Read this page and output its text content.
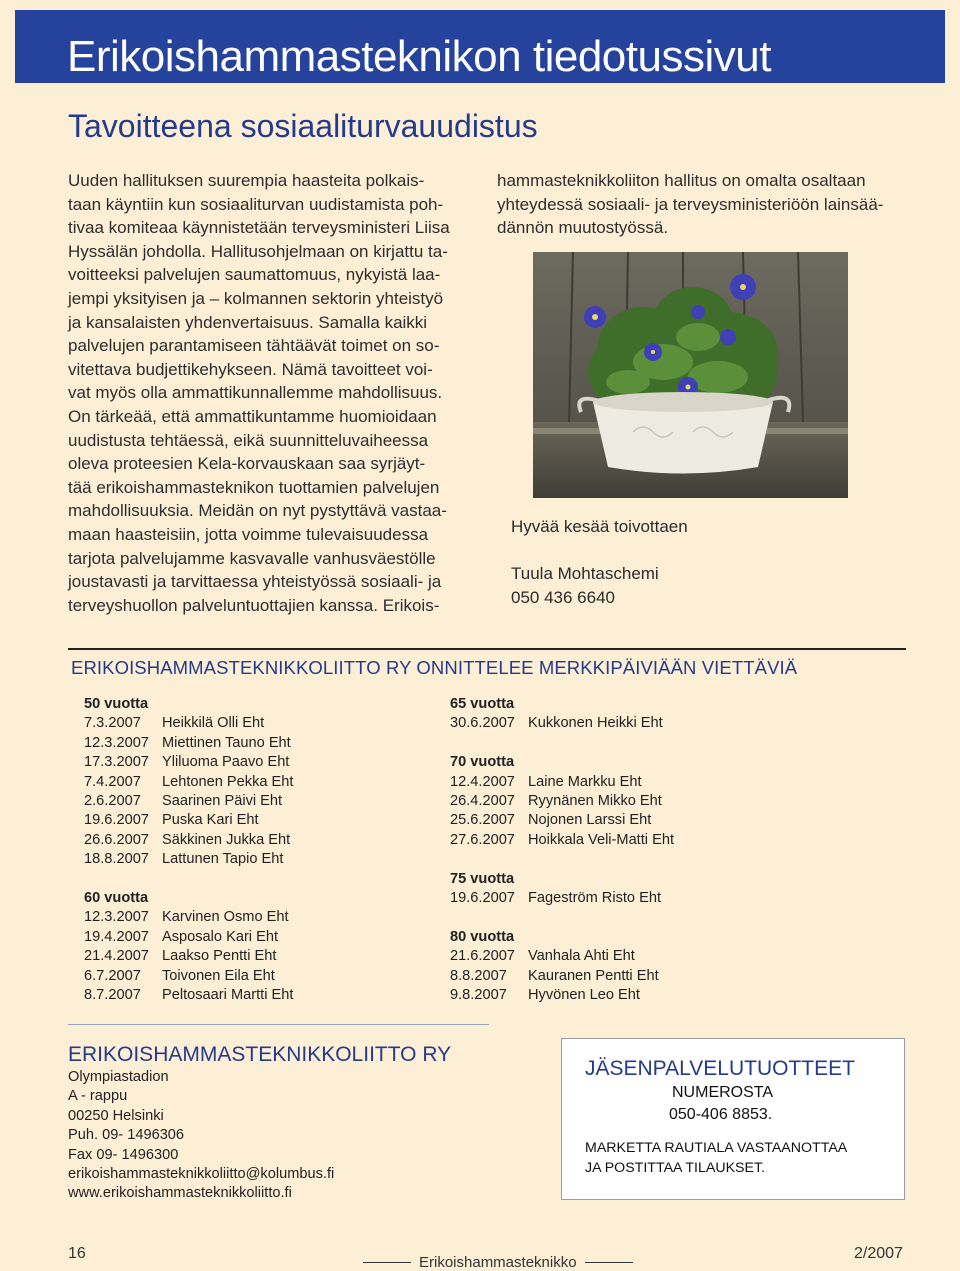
Erikoishammasteknikon tiedotussivut
Tavoitteena sosiaaliturvauudistus
Uuden hallituksen suurempia haasteita polkais-
taan käyntiin kun sosiaaliturvan uudistamista poh-
tivaa komiteaa käynnistetään terveysministeri Liisa
Hyssälän johdolla. Hallitusohjelmaan on kirjattu ta-
voitteeksi palvelujen saumattomuus, nykyistä laa-
jempi yksityisen ja – kolmannen sektorin yhteistyö
ja kansalaisten yhdenvertaisuus. Samalla kaikki
palvelujen parantamiseen tähtäävät toimet on so-
vitettava budjettikehykseen. Nämä tavoitteet voi-
vat myös olla ammattikunnallemme mahdollisuus.
On tärkeää, että ammattikuntamme huomioidaan
uudistusta tehtäessä, eikä suunnitteluvaiheessa
oleva proteesien Kela-korvauskaan saa syrjäyt-
tää erikoishammasteknikon tuottamien palvelujen
mahdollisuuksia. Meidän on nyt pystyttävä vastaa-
maan haasteisiin, jotta voimme tulevaisuudessa
tarjota palvelujamme kasvavalle vanhusväestölle
joustavasti ja tarvittaessa yhteistyössä sosiaali- ja
terveyshuollon palveluntuottajien kanssa. Erikois-
hammasteknikkoliiton hallitus on omalta osaltaan
yhteydessä sosiaali- ja terveysministeriöön lainsää-
dännön muutostyössä.
Hyvää kesää toivottaen
Tuula Mohtaschemi
050 436 6640
ERIKOISHAMMASTEKNIKKOLIITTO RY ONNITTELEE MERKKIPÄIVIÄÄN VIETTÄVIÄ
50 vuotta
7.3.2007 Heikkilä Olli Eht
12.3.2007 Miettinen Tauno Eht
17.3.2007 Yliluoma Paavo Eht
7.4.2007 Lehtonen Pekka Eht
2.6.2007 Saarinen Päivi Eht
19.6.2007 Puska Kari Eht
26.6.2007 Säkkinen Jukka Eht
18.8.2007 Lattunen Tapio Eht
60 vuotta
12.3.2007 Karvinen Osmo Eht
19.4.2007 Asposalo Kari Eht
21.4.2007 Laakso Pentti Eht
6.7.2007 Toivonen Eila Eht
8.7.2007 Peltosaari Martti Eht
65 vuotta
30.6.2007 Kukkonen Heikki Eht
70 vuotta
12.4.2007 Laine Markku Eht
26.4.2007 Ryynänen Mikko Eht
25.6.2007 Nojonen Larssi Eht
27.6.2007 Hoikkala Veli-Matti Eht
75 vuotta
19.6.2007 Fageström Risto Eht
80 vuotta
21.6.2007 Vanhala Ahti Eht
8.8.2007 Kauranen Pentti Eht
9.8.2007 Hyvönen Leo Eht
ERIKOISHAMMASTEKNIKKOLIITTO RY
Olympiastadion
A - rappu
00250 Helsinki
Puh. 09- 1496306
Fax 09- 1496300
erikoishammasteknikkoliitto@kolumbus.fi
www.erikoishammasteknikkoliitto.fi
JÄSENPALVELUTUOTTEET
NUMEROSTA
050-406 8853.
MARKETTA RAUTIALA VASTAANOTTAA
JA POSTITTAA TILAUKSET.
16
Erikoishammasteknikko
2/2007
